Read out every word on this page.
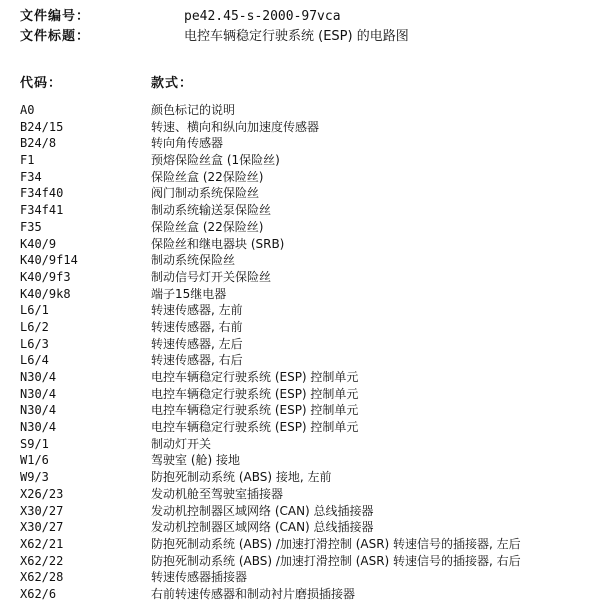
文件编号：	pe42.45-s-2000-97vca
文件标题：	电控车辆稳定行驶系统 (ESP) 的电路图
代码：	款式：
A0	颜色标记的说明
B24/15	转速、横向和纵向加速度传感器
B24/8	转向角传感器
F1	预熔保险丝盒 (1保险丝)
F34	保险丝盒 (22保险丝)
F34f40	阀门制动系统保险丝
F34f41	制动系统输送泵保险丝
F35	保险丝盒 (22保险丝)
K40/9	保险丝和继电器块 (SRB)
K40/9f14	制动系统保险丝
K40/9f3	制动信号灯开关保险丝
K40/9k8	端子15继电器
L6/1	转速传感器, 左前
L6/2	转速传感器, 右前
L6/3	转速传感器, 左后
L6/4	转速传感器, 右后
N30/4	电控车辆稳定行驶系统 (ESP) 控制单元
N30/4	电控车辆稳定行驶系统 (ESP) 控制单元
N30/4	电控车辆稳定行驶系统 (ESP) 控制单元
N30/4	电控车辆稳定行驶系统 (ESP) 控制单元
S9/1	制动灯开关
W1/6	驾驶室 (舱) 接地
W9/3	防抱死制动系统 (ABS) 接地, 左前
X26/23	发动机舱至驾驶室插接器
X30/27	发动机控制器区域网络 (CAN) 总线插接器
X30/27	发动机控制器区域网络 (CAN) 总线插接器
X62/21	防抱死制动系统 (ABS) /加速打滑控制 (ASR) 转速信号的插接器, 左后
X62/22	防抱死制动系统 (ABS) /加速打滑控制 (ASR) 转速信号的插接器, 右后
X62/28	转速传感器插接器
X62/6	右前转速传感器和制动衬片磨损插接器
